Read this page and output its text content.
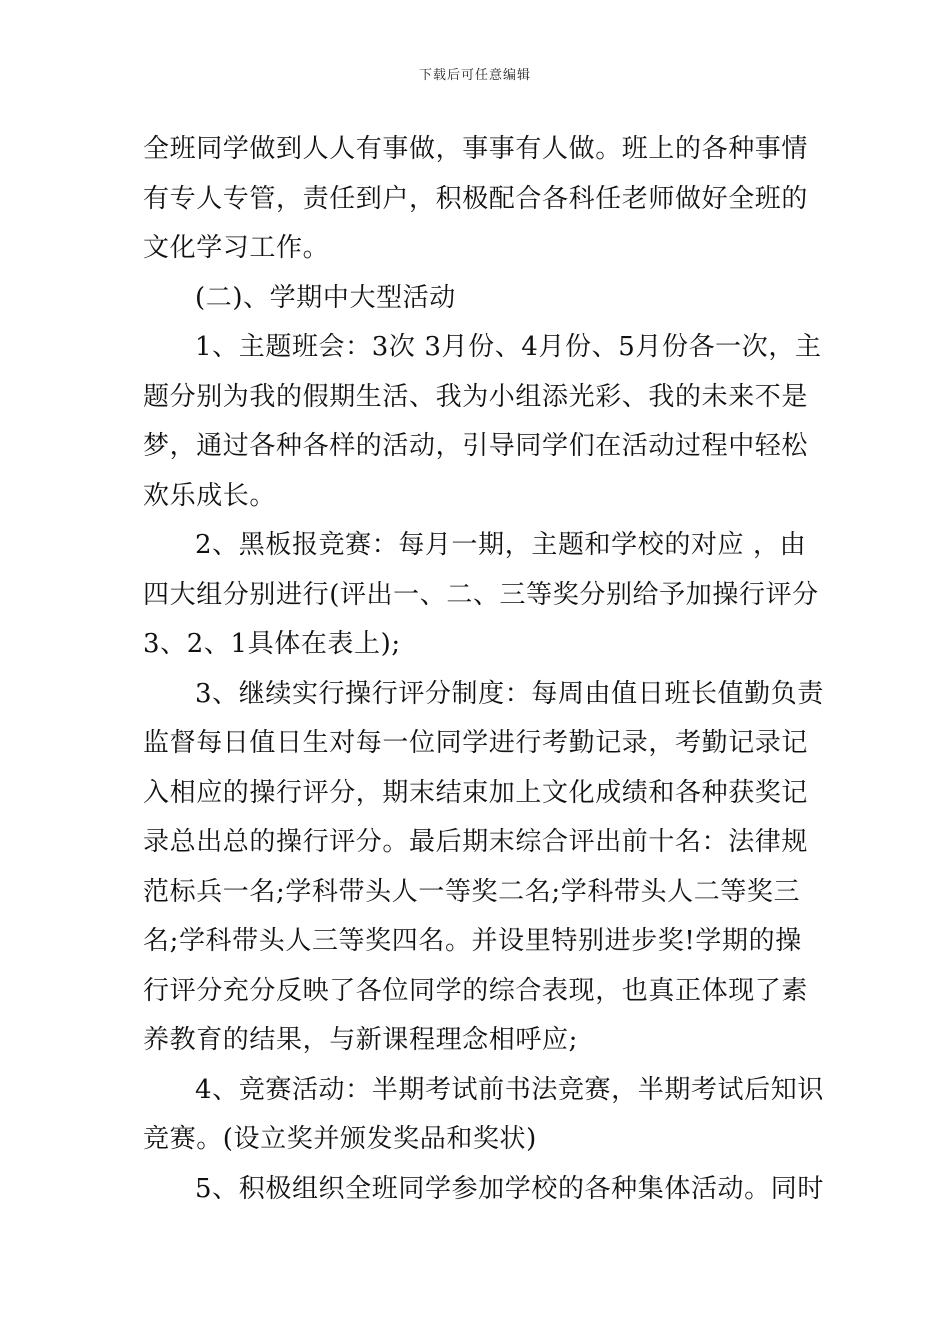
下载后可任意编辑

全班同学做到人人有事做，事事有人做。班上的各种事情

有专人专管，责任到户，积极配合各科任老师做好全班的

文化学习工作。

(二)、学期中大型活动

1、主题班会：3次 3月份、4月份、5月份各一次，主

题分别为我的假期生活、我为小组添光彩、我的未来不是

梦，通过各种各样的活动，引导同学们在活动过程中轻松

欢乐成长。

2、黑板报竞赛：每月一期，主题和学校的对应 ，由

四大组分别进行(评出一、二、三等奖分别给予加操行评分

3、2、1具体在表上);

3、继续实行操行评分制度：每周由值日班长值勤负责

监督每日值日生对每一位同学进行考勤记录，考勤记录记

入相应的操行评分，期末结束加上文化成绩和各种获奖记

录总出总的操行评分。最后期末综合评出前十名：法律规

范标兵一名;学科带头人一等奖二名;学科带头人二等奖三

名;学科带头人三等奖四名。并设里特别进步奖!学期的操

行评分充分反映了各位同学的综合表现，也真正体现了素

养教育的结果，与新课程理念相呼应;

4、竞赛活动：半期考试前书法竞赛，半期考试后知识

竞赛。(设立奖并颁发奖品和奖状)

5、积极组织全班同学参加学校的各种集体活动。同时
